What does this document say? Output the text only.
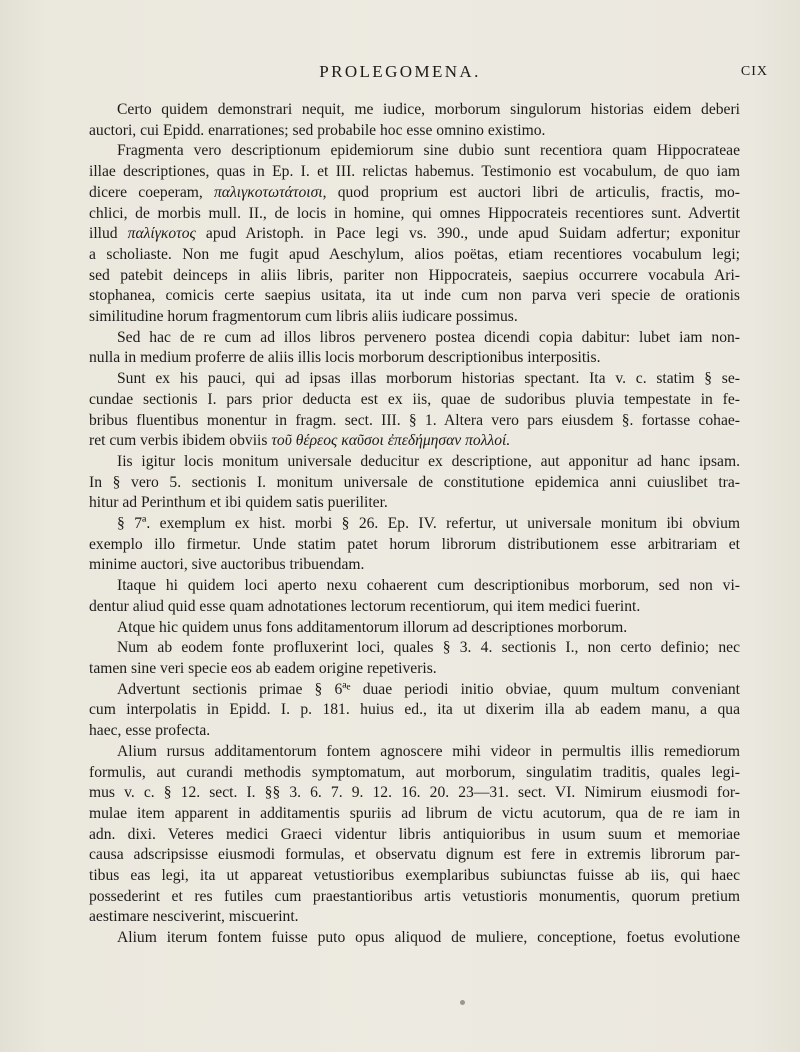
PROLEGOMENA.	CIX
Certo quidem demonstrari nequit, me iudice, morborum singulorum historias eidem deberi
auctori, cui Epidd. enarrationes; sed probabile hoc esse omnino existimo.
Fragmenta vero descriptionum epidemiorum sine dubio sunt recentiora quam Hippocrateae
illae descriptiones, quas in Ep. I. et III. relictas habemus. Testimonio est vocabulum, de quo iam
dicere coeperam, παλιγκοτωτάτοισι, quod proprium est auctori libri de articulis, fractis, mo-
chlici, de morbis mull. II., de locis in homine, qui omnes Hippocrateis recentiores sunt. Advertit
illud παλίγκοτος apud Aristoph. in Pace legi vs. 390., unde apud Suidam adfertur; exponitur
a scholiaste. Non me fugit apud Aeschylum, alios poëtas, etiam recentiores vocabulum legi;
sed patebit deinceps in aliis libris, pariter non Hippocrateis, saepius occurrere vocabula Ari-
stophanea, comicis certe saepius usitata, ita ut inde cum non parva veri specie de orationis
similitudine horum fragmentorum cum libris aliis iudicare possimus.
Sed hac de re cum ad illos libros pervenero postea dicendi copia dabitur: lubet iam non-
nulla in medium proferre de aliis illis locis morborum descriptionibus interpositis.
Sunt ex his pauci, qui ad ipsas illas morborum historias spectant. Ita v. c. statim § se-
cundae sectionis I. pars prior deducta est ex iis, quae de sudoribus pluvia tempestate in fe-
bribus fluentibus monentur in fragm. sect. III. § 1. Altera vero pars eiusdem §. fortasse cohae-
ret cum verbis ibidem obviis τοῦ θέρεος καῦσοι ἐπεδήμησαν πολλοί.
Iis igitur locis monitum universale deducitur ex descriptione, aut apponitur ad hanc ipsam.
In § vero 5. sectionis I. monitum universale de constitutione epidemica anni cuiuslibet tra-
hitur ad Perinthum et ibi quidem satis pueriliter.
§ 7ª. exemplum ex hist. morbi § 26. Ep. IV. refertur, ut universale monitum ibi obvium
exemplo illo firmetur. Unde statim patet horum librorum distributionem esse arbitrariam et
minime auctori, sive auctoribus tribuendam.
Itaque hi quidem loci aperto nexu cohaerent cum descriptionibus morborum, sed non vi-
dentur aliud quid esse quam adnotationes lectorum recentiorum, qui item medici fuerint.
Atque hic quidem unus fons additamentorum illorum ad descriptiones morborum.
Num ab eodem fonte profluxerint loci, quales § 3. 4. sectionis I., non certo definio; nec
tamen sine veri specie eos ab eadem origine repetiveris.
Advertunt sectionis primae § 6ªᵉ duae periodi initio obviae, quum multum conveniant
cum interpolatis in Epidd. I. p. 181. huius ed., ita ut dixerim illa ab eadem manu, a qua
haec, esse profecta.
Alium rursus additamentorum fontem agnoscere mihi videor in permultis illis remediorum
formulis, aut curandi methodis symptomatum, aut morborum, singulatim traditis, quales legi-
mus v. c. § 12. sect. I. §§ 3. 6. 7. 9. 12. 16. 20. 23—31. sect. VI. Nimirum eiusmodi for-
mulae item apparent in additamentis spuriis ad librum de victu acutorum, qua de re iam in
adn. dixi. Veteres medici Graeci videntur libris antiquioribus in usum suum et memoriae
causa adscripsisse eiusmodi formulas, et observatu dignum est fere in extremis librorum par-
tibus eas legi, ita ut appareat vetustioribus exemplaribus subiunctas fuisse ab iis, qui haec
possederint et res futiles cum praestantioribus artis vetustioris monumentis, quorum pretium
aestimare nesciverint, miscuerint.
Alium iterum fontem fuisse puto opus aliquod de muliere, conceptione, foetus evolutione
